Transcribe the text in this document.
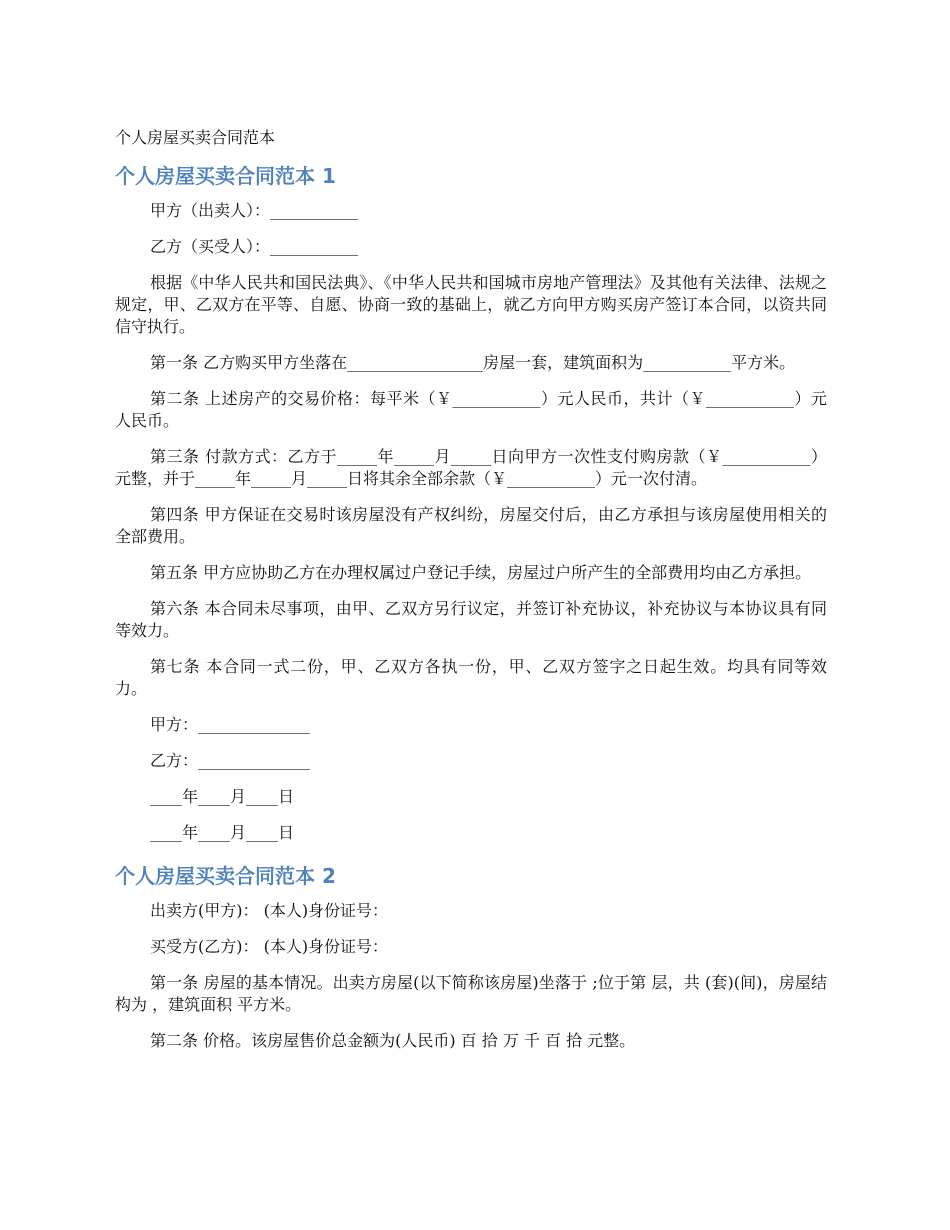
个人房屋买卖合同范本
个人房屋买卖合同范本 1

甲方（出卖人）：___________

乙方（买受人）：___________

根据《中华人民共和国民法典》、《中华人民共和国城市房地产管理法》及其他有关法律、法规之规定，甲、乙双方在平等、自愿、协商一致的基础上，就乙方向甲方购买房产签订本合同，以资共同信守执行。

第一条 乙方购买甲方坐落在_________________房屋一套，建筑面积为___________平方米。

第二条 上述房产的交易价格：每平米（￥___________）元人民币，共计（￥___________）元人民币。

第三条 付款方式：乙方于_____年_____月_____日向甲方一次性支付购房款（￥___________）元整，并于_____年_____月_____日将其余全部余款（￥___________）元一次付清。

第四条 甲方保证在交易时该房屋没有产权纠纷，房屋交付后，由乙方承担与该房屋使用相关的全部费用。

第五条 甲方应协助乙方在办理权属过户登记手续，房屋过户所产生的全部费用均由乙方承担。

第六条 本合同未尽事项，由甲、乙双方另行议定，并签订补充协议，补充协议与本协议具有同等效力。

第七条 本合同一式二份，甲、乙双方各执一份，甲、乙双方签字之日起生效。均具有同等效力。

甲方：______________

乙方：______________

____年____月____日

____年____月____日

个人房屋买卖合同范本 2

出卖方(甲方)： (本人)身份证号：

买受方(乙方)： (本人)身份证号：

第一条 房屋的基本情况。出卖方房屋(以下简称该房屋)坐落于 ;位于第 层，共 (套)(间)，房屋结构为 ，建筑面积 平方米。

第二条 价格。该房屋售价总金额为(人民币) 百 拾 万 千 百 拾 元整。
